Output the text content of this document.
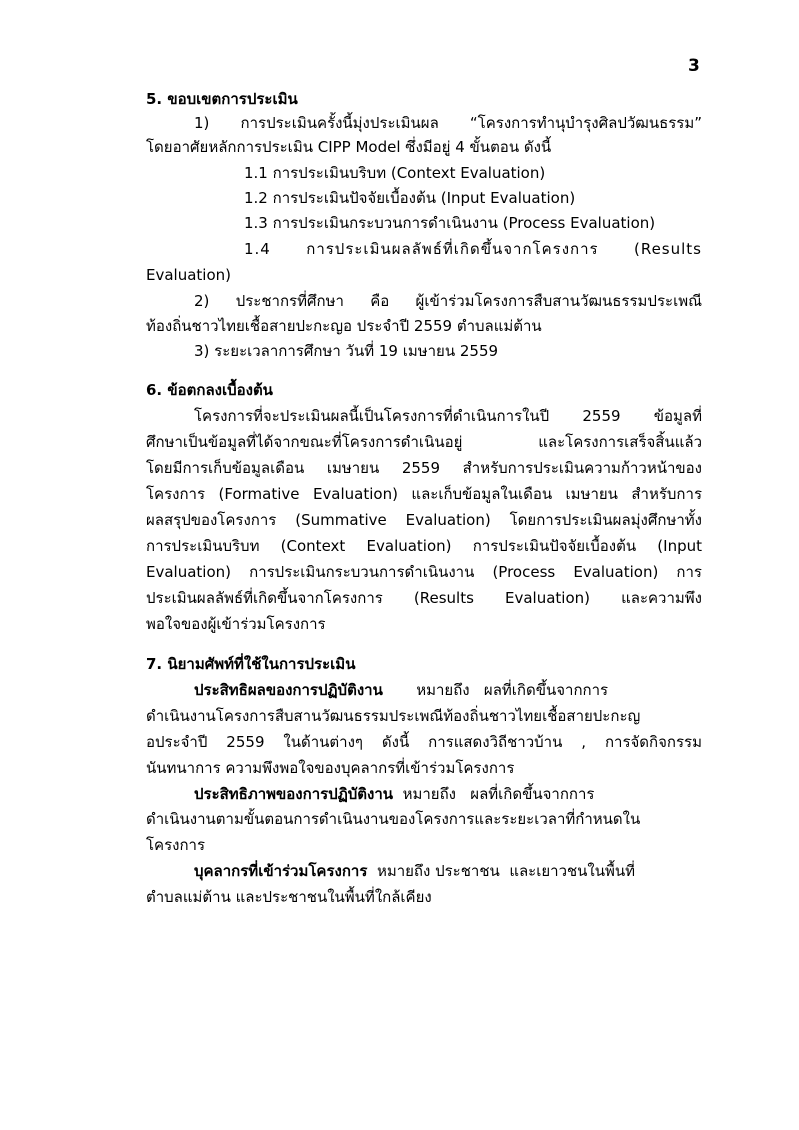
3
5. ขอบเขตการประเมิน
1) การประเมินครั้งนี้มุ่งประเมินผล “โครงการทำนุบำรุงศิลปวัฒนธรรม”
โดยอาศัยหลักการประเมิน CIPP Model ซึ่งมีอยู่ 4 ขั้นตอน ดังนี้
1.1 การประเมินบริบท (Context Evaluation)
1.2 การประเมินปัจจัยเบื้องต้น (Input Evaluation)
1.3 การประเมินกระบวนการดำเนินงาน (Process Evaluation)
1.4 การประเมินผลลัพธ์ที่เกิดขึ้นจากโครงการ (Results
Evaluation)
2) ประชากรที่ศึกษา คือ ผู้เข้าร่วมโครงการสืบสานวัฒนธรรมประเพณี
ท้องถิ่นชาวไทยเชื้อสายปะกะญอ ประจำปี 2559 ตำบลแม่ต้าน
3) ระยะเวลาการศึกษา วันที่ 19 เมษายน 2559
6. ข้อตกลงเบื้องต้น
โครงการที่จะประเมินผลนี้เป็นโครงการที่ดำเนินการในปี 2559 ข้อมูลที่
ศึกษาเป็นข้อมูลที่ได้จากขณะที่โครงการดำเนินอยู่ และโครงการเสร็จสิ้นแล้ว
โดยมีการเก็บข้อมูลเดือน เมษายน 2559 สำหรับการประเมินความก้าวหน้าของ
โครงการ (Formative Evaluation) และเก็บข้อมูลในเดือน เมษายน สำหรับการ
ผลสรุปของโครงการ (Summative Evaluation) โดยการประเมินผลมุ่งศึกษาทั้ง
การประเมินบริบท (Context Evaluation) การประเมินปัจจัยเบื้องต้น (Input
Evaluation) การประเมินกระบวนการดำเนินงาน (Process Evaluation) การ
ประเมินผลลัพธ์ที่เกิดขึ้นจากโครงการ (Results Evaluation) และความพึง
พอใจของผู้เข้าร่วมโครงการ
7. นิยามศัพท์ที่ใช้ในการประเมิน
ประสิทธิผลของการปฏิบัติงาน       หมายถึง   ผลที่เกิดขึ้นจากการ
ดำเนินงานโครงการสืบสานวัฒนธรรมประเพณีท้องถิ่นชาวไทยเชื้อสายปะกะญ
อประจำปี 2559 ในด้านต่างๆ ดังนี้ การแสดงวิถีชาวบ้าน , การจัดกิจกรรม
นันทนาการ ความพึงพอใจของบุคลากรที่เข้าร่วมโครงการ
ประสิทธิภาพของการปฏิบัติงาน  หมายถึง   ผลที่เกิดขึ้นจากการ
ดำเนินงานตามขั้นตอนการดำเนินงานของโครงการและระยะเวลาที่กำหนดใน
โครงการ
บุคลากรที่เข้าร่วมโครงการ  หมายถึง ประชาชน  และเยาวชนในพื้นที่
ตำบลแม่ต้าน และประชาชนในพื้นที่ใกล้เคียง
